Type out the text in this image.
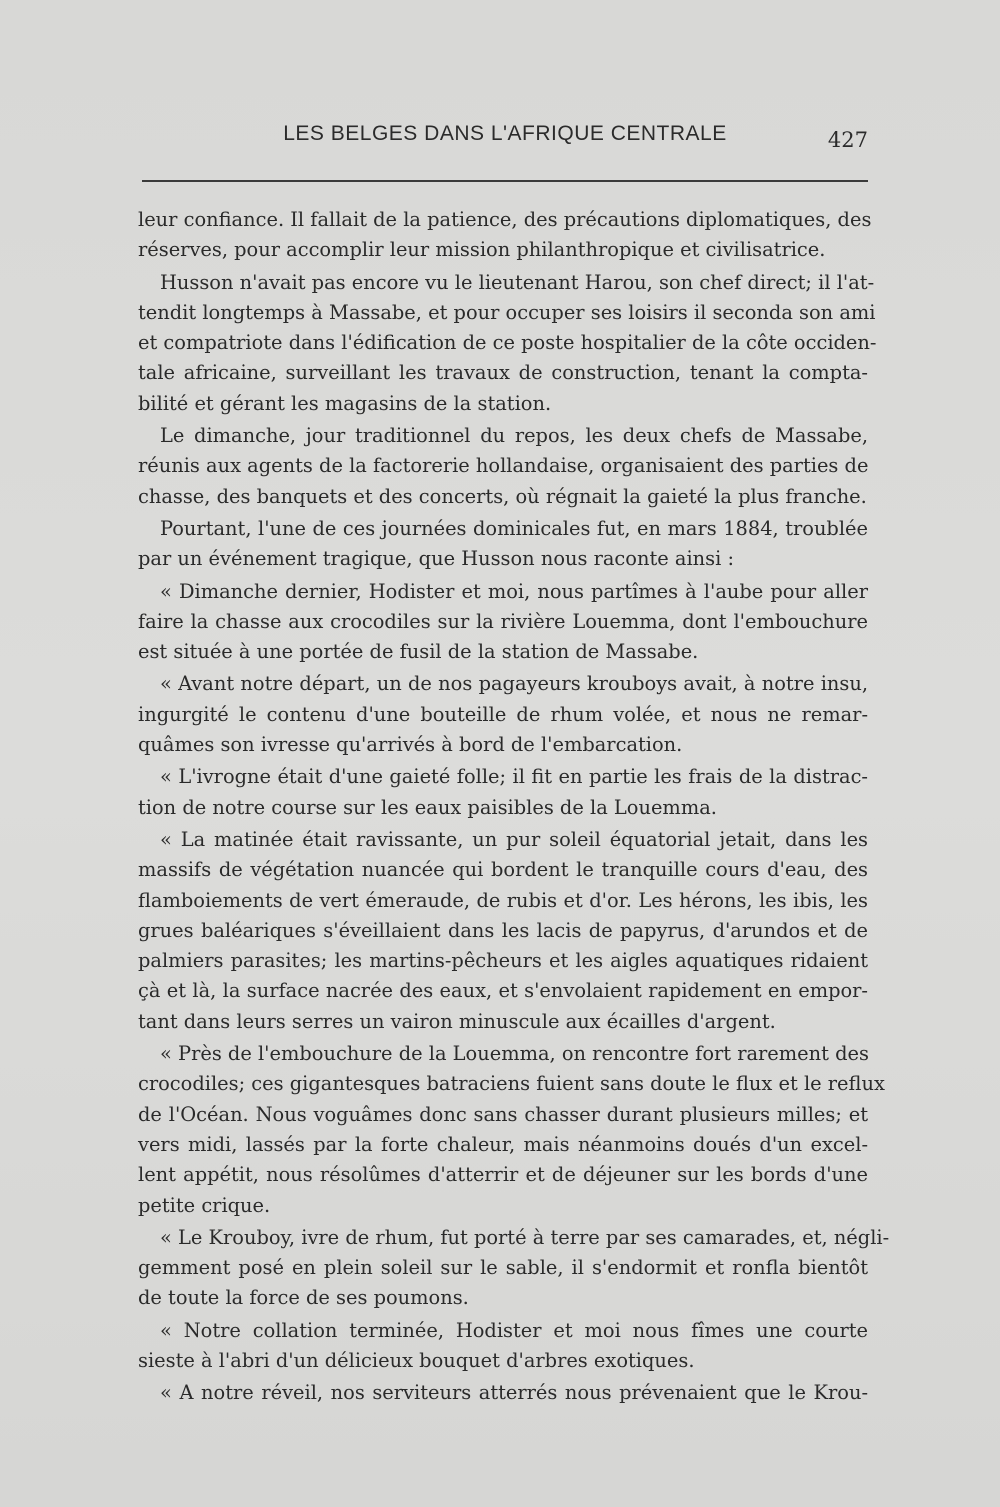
LES BELGES DANS L'AFRIQUE CENTRALE	427
leur confiance. Il fallait de la patience, des précautions diplomatiques, des
réserves, pour accomplir leur mission philanthropique et civilisatrice.
Husson n'avait pas encore vu le lieutenant Harou, son chef direct; il l'at-
tendit longtemps à Massabe, et pour occuper ses loisirs il seconda son ami
et compatriote dans l'édification de ce poste hospitalier de la côte occiden-
tale africaine, surveillant les travaux de construction, tenant la compta-
bilité et gérant les magasins de la station.
Le dimanche, jour traditionnel du repos, les deux chefs de Massabe,
réunis aux agents de la factorerie hollandaise, organisaient des parties de
chasse, des banquets et des concerts, où régnait la gaieté la plus franche.
Pourtant, l'une de ces journées dominicales fut, en mars 1884, troublée
par un événement tragique, que Husson nous raconte ainsi :
« Dimanche dernier, Hodister et moi, nous partîmes à l'aube pour aller
faire la chasse aux crocodiles sur la rivière Louemma, dont l'embouchure
est située à une portée de fusil de la station de Massabe.
« Avant notre départ, un de nos pagayeurs krouboys avait, à notre insu,
ingurgité le contenu d'une bouteille de rhum volée, et nous ne remar-
quâmes son ivresse qu'arrivés à bord de l'embarcation.
« L'ivrogne était d'une gaieté folle; il fit en partie les frais de la distrac-
tion de notre course sur les eaux paisibles de la Louemma.
« La matinée était ravissante, un pur soleil équatorial jetait, dans les
massifs de végétation nuancée qui bordent le tranquille cours d'eau, des
flamboiements de vert émeraude, de rubis et d'or. Les hérons, les ibis, les
grues baléariques s'éveillaient dans les lacis de papyrus, d'arundos et de
palmiers parasites; les martins-pêcheurs et les aigles aquatiques ridaient
çà et là, la surface nacrée des eaux, et s'envolaient rapidement en empor-
tant dans leurs serres un vairon minuscule aux écailles d'argent.
« Près de l'embouchure de la Louemma, on rencontre fort rarement des
crocodiles; ces gigantesques batraciens fuient sans doute le flux et le reflux
de l'Océan. Nous voguâmes donc sans chasser durant plusieurs milles; et
vers midi, lassés par la forte chaleur, mais néanmoins doués d'un excel-
lent appétit, nous résolûmes d'atterrir et de déjeuner sur les bords d'une
petite crique.
« Le Krouboy, ivre de rhum, fut porté à terre par ses camarades, et, négli-
gemment posé en plein soleil sur le sable, il s'endormit et ronfla bientôt
de toute la force de ses poumons.
« Notre collation terminée, Hodister et moi nous fîmes une courte
sieste à l'abri d'un délicieux bouquet d'arbres exotiques.
« A notre réveil, nos serviteurs atterrés nous prévenaient que le Krou-
